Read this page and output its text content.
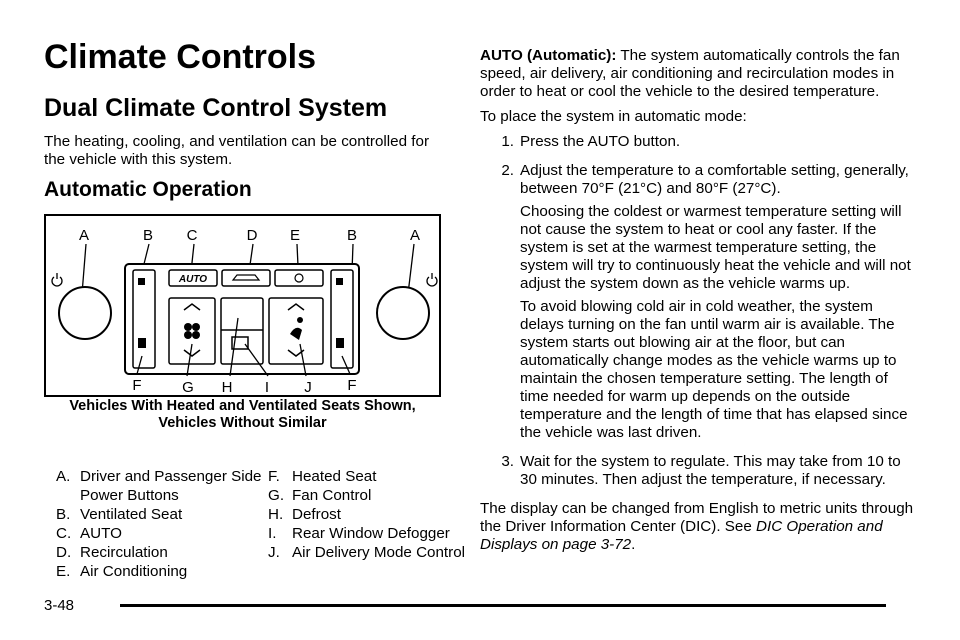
Climate Controls
Dual Climate Control System
The heating, cooling, and ventilation can be controlled for the vehicle with this system.
Automatic Operation
A	B C	D E	B	A
AUTO
F	G H I J F
Vehicles With Heated and Ventilated Seats Shown, Vehicles Without Similar
A. Driver and Passenger Side Power Buttons
B. Ventilated Seat
C. AUTO
D. Recirculation
E. Air Conditioning
F. Heated Seat
G. Fan Control
H. Defrost
I.	Rear Window Defogger
J. Air Delivery Mode Control

AUTO (Automatic): The system automatically controls the fan speed, air delivery, air conditioning and recirculation modes in order to heat or cool the vehicle to the desired temperature.

To place the system in automatic mode:

1. Press the AUTO button.

2. Adjust the temperature to a comfortable setting, generally, between 70°F (21°C) and 80°F (27°C).

Choosing the coldest or warmest temperature setting will not cause the system to heat or cool any faster. If the system is set at the warmest temperature setting, the system will try to continuously heat the vehicle and will not adjust the system down as the vehicle warms up.

To avoid blowing cold air in cold weather, the system delays turning on the fan until warm air is available. The system starts out blowing air at the floor, but can automatically change modes as the vehicle warms up to maintain the chosen temperature setting. The length of time needed for warm up depends on the outside temperature and the length of time that has elapsed since the vehicle was last driven.

3. Wait for the system to regulate. This may take from 10 to 30 minutes. Then adjust the temperature, if necessary.

The display can be changed from English to metric units through the Driver Information Center (DIC). See DIC Operation and Displays on page 3-72.

3-48
